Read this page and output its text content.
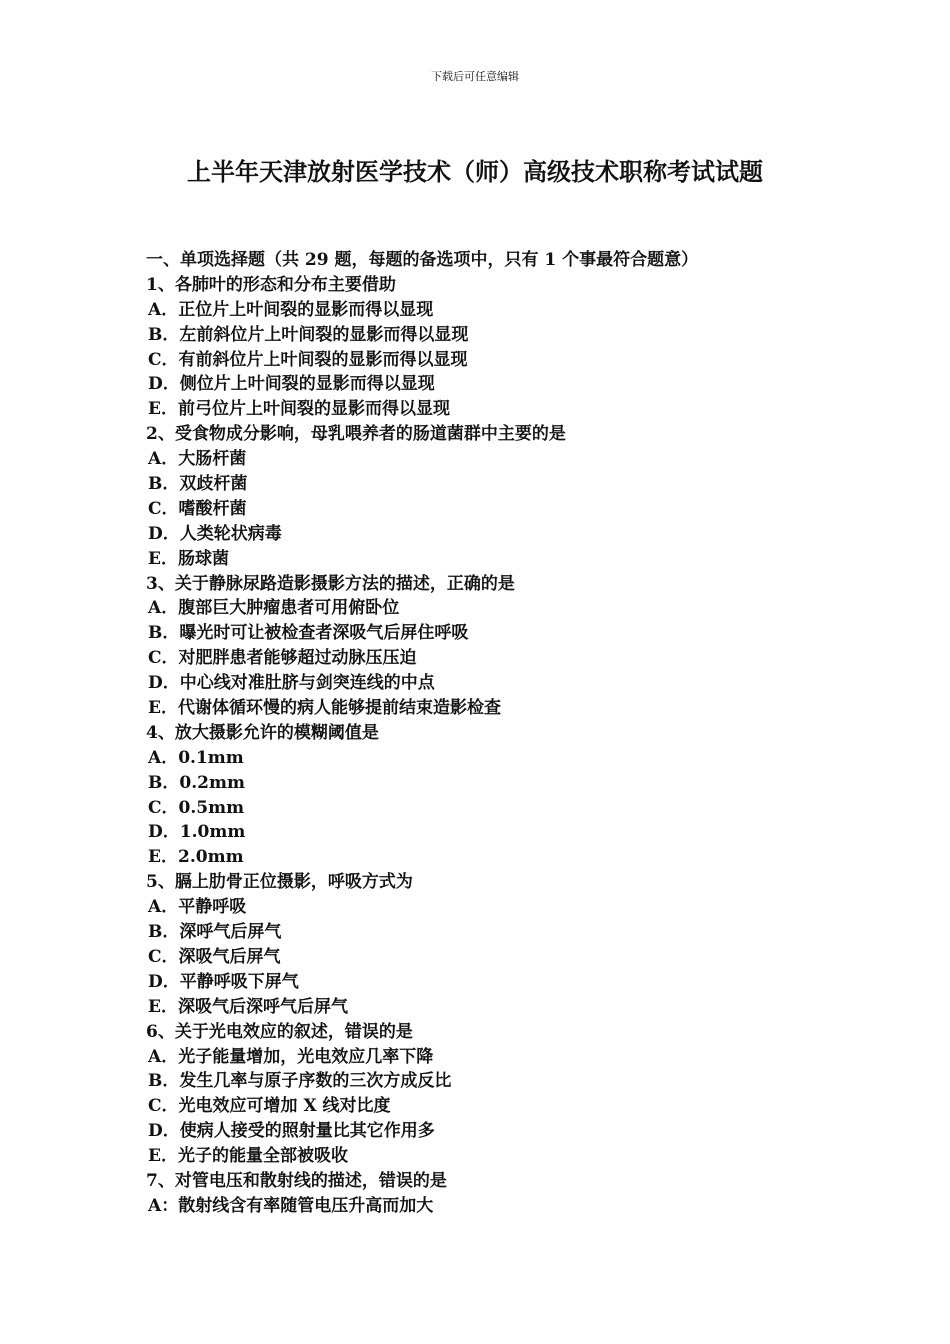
下载后可任意编辑
上半年天津放射医学技术（师）高级技术职称考试试题
一、单项选择题（共 29 题，每题的备选项中，只有 1 个事最符合题意）
1、各肺叶的形态和分布主要借助
A．正位片上叶间裂的显影而得以显现
B．左前斜位片上叶间裂的显影而得以显现
C．有前斜位片上叶间裂的显影而得以显现
D．侧位片上叶间裂的显影而得以显现
E．前弓位片上叶间裂的显影而得以显现
2、受食物成分影响，母乳喂养者的肠道菌群中主要的是
A．大肠杆菌
B．双歧杆菌
C．嗜酸杆菌
D．人类轮状病毒
E．肠球菌
3、关于静脉尿路造影摄影方法的描述，正确的是
A．腹部巨大肿瘤患者可用俯卧位
B．曝光时可让被检查者深吸气后屏住呼吸
C．对肥胖患者能够超过动脉压压迫
D．中心线对准肚脐与剑突连线的中点
E．代谢体循环慢的病人能够提前结束造影检查
4、放大摄影允许的模糊阈值是
A．0.1mm
B．0.2mm
C．0.5mm
D．1.0mm
E．2.0mm
5、膈上肋骨正位摄影，呼吸方式为
A．平静呼吸
B．深呼气后屏气
C．深吸气后屏气
D．平静呼吸下屏气
E．深吸气后深呼气后屏气
6、关于光电效应的叙述，错误的是
A．光子能量增加，光电效应几率下降
B．发生几率与原子序数的三次方成反比
C．光电效应可增加 X 线对比度
D．使病人接受的照射量比其它作用多
E．光子的能量全部被吸收
7、对管电压和散射线的描述，错误的是
A：散射线含有率随管电压升高而加大
